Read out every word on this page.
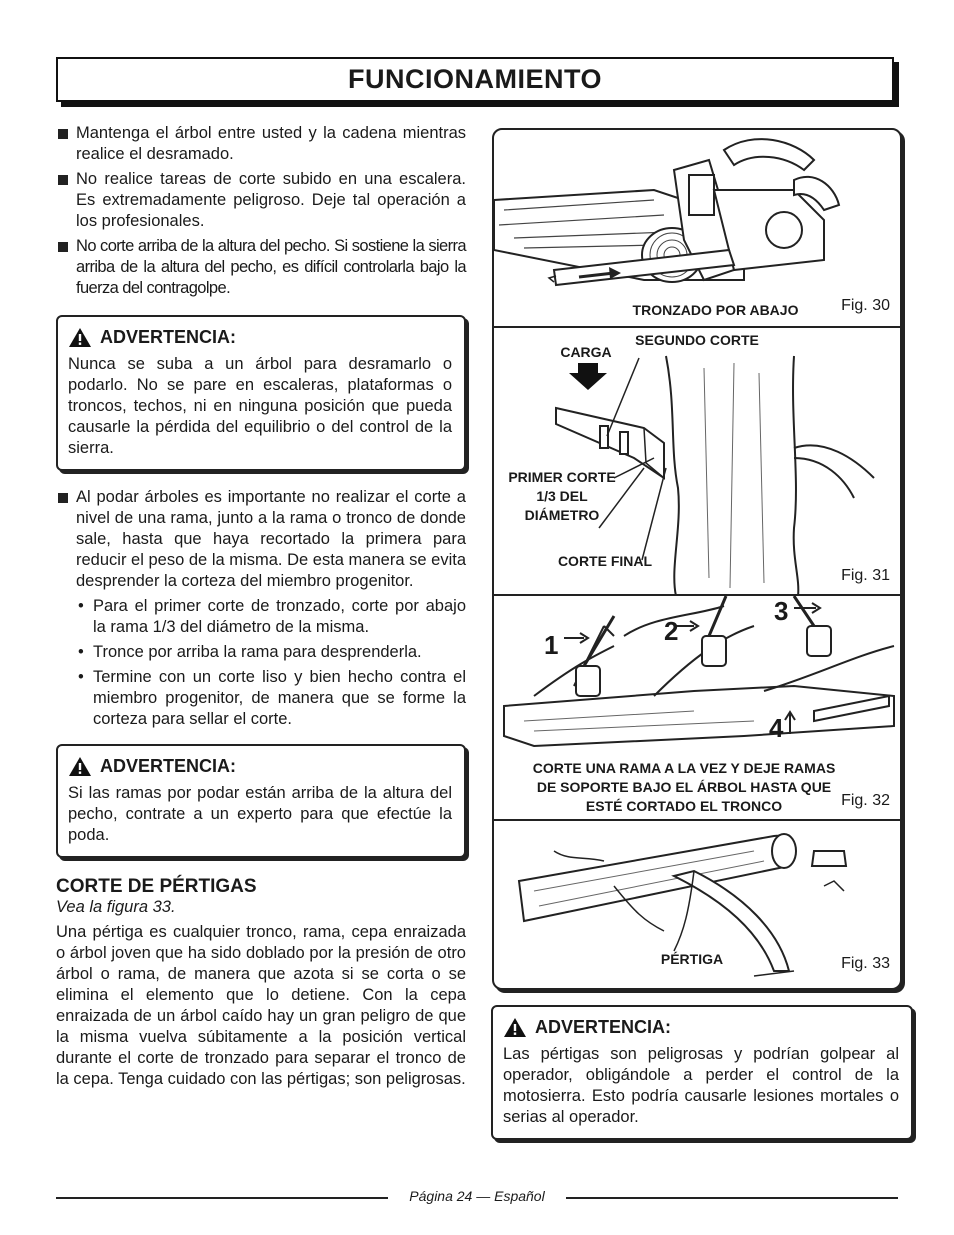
FUNCIONAMIENTO

Mantenga el árbol entre usted y la cadena mientras realice el desramado.

No realice tareas de corte subido en una escalera. Es extremadamente peligroso. Deje tal operación a los profesionales.

No corte arriba de la altura del pecho. Si sostiene la sierra arriba de la altura del pecho, es difícil controlarla bajo la fuerza del contragolpe.

ADVERTENCIA:
Nunca se suba a un árbol para desramarlo o podarlo. No se pare en escaleras, plataformas o troncos, techos, ni en ninguna posición que pueda causarle la pérdida del equilibrio o del control de la sierra.

Al podar árboles es importante no realizar el corte a nivel de una rama, junto a la rama o tronco de donde sale, hasta que haya recortado la primera para reducir el peso de la misma. De esta manera se evita desprender la corteza del miembro progenitor.

• Para el primer corte de tronzado, corte por abajo la rama 1/3 del diámetro de la misma.

• Tronce por arriba la rama para desprenderla.

• Termine con un corte liso y bien hecho contra el miembro progenitor, de manera que se forme la corteza para sellar el corte.

ADVERTENCIA:
Si las ramas por podar están arriba de la altura del pecho, contrate a un experto para que efectúe la poda.
CORTE DE PÉRTIGAS
Vea la figura 33.
Una pértiga es cualquier tronco, rama, cepa enraizada o árbol joven que ha sido doblado por la presión de otro árbol o rama, de manera que azota si se corta o se elimina el elemento que lo detiene. Con la cepa enraizada de un árbol caído hay un gran peligro de que la misma vuelva súbitamente a la posición vertical durante el corte de tronzado para separar el tronco de la cepa. Tenga cuidado con las pértigas; son peligrosas.
TRONZADO POR ABAJO	Fig. 30
CARGA
SEGUNDO CORTE
PRIMER CORTE
1/3 DEL
DIÁMETRO
CORTE FINAL
Fig. 31
1	2
3
4
CORTE UNA RAMA A LA VEZ Y DEJE RAMAS
DE SOPORTE BAJO EL ÁRBOL HASTA QUE
ESTÉ CORTADO EL TRONCO	Fig. 32
PÉRTIGA	Fig. 33
ADVERTENCIA:
Las pértigas son peligrosas y podrían golpear al operador, obligándole a perder el control de la motosierra. Esto podría causarle lesiones mortales o serias al operador.
Página 24 — Español
